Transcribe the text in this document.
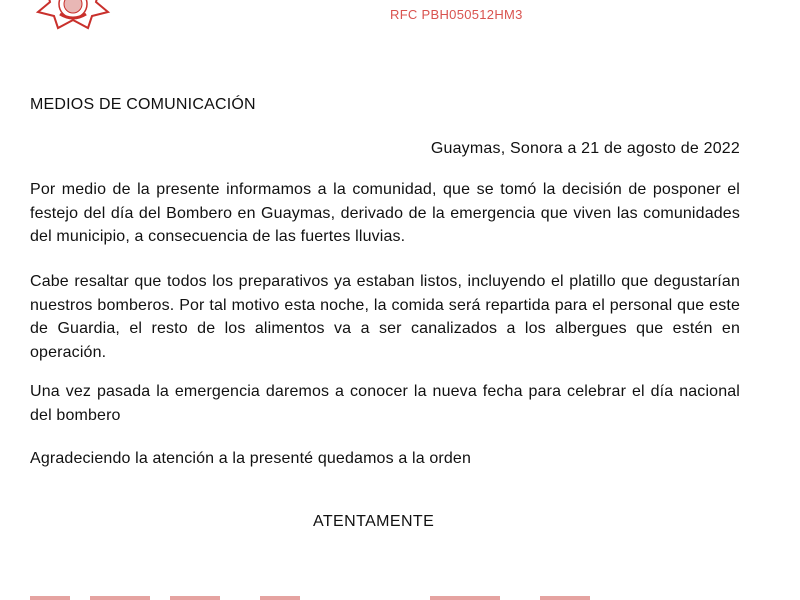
RFC PBH050512HM3
MEDIOS DE COMUNICACIÓN
Guaymas, Sonora a 21 de agosto de 2022
Por medio de la presente informamos a la comunidad, que se tomó la decisión de posponer el festejo del día del Bombero en Guaymas, derivado de la emergencia que viven las comunidades del municipio, a consecuencia de las fuertes lluvias.
Cabe resaltar que todos los preparativos ya estaban listos, incluyendo el platillo que degustarían nuestros bomberos. Por tal motivo esta noche, la comida será repartida para el personal que este de Guardia, el resto de los alimentos va a ser canalizados a los albergues que estén en operación.
Una vez pasada la emergencia daremos a conocer la nueva fecha para celebrar el día nacional del bombero
Agradeciendo la atención a la presenté quedamos a la orden
ATENTAMENTE
